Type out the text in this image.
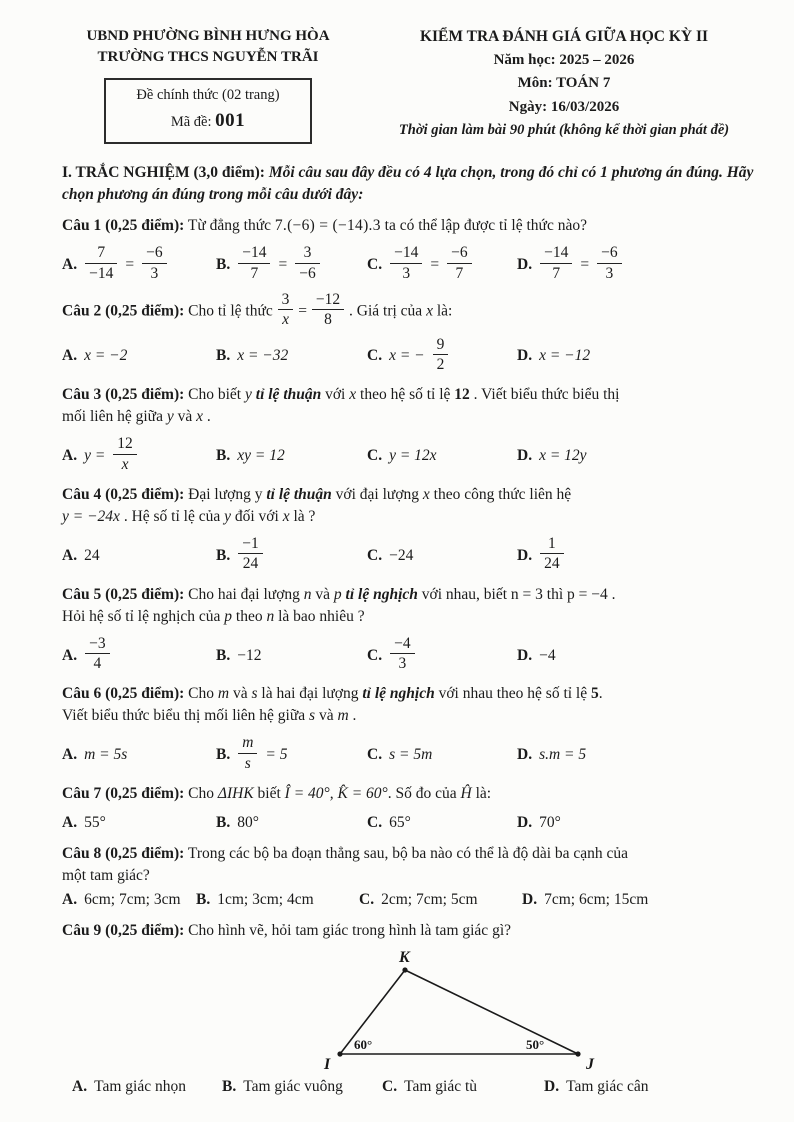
UBND PHƯỜNG BÌNH HƯNG HÒA
TRƯỜNG THCS NGUYỄN TRÃI
Đề chính thức (02 trang)
Mã đề: 001
KIỂM TRA ĐÁNH GIÁ GIỮA HỌC KỲ II
Năm học: 2025 – 2026
Môn: TOÁN 7
Ngày: 16/03/2026
Thời gian làm bài 90 phút (không kể thời gian phát đề)
I. TRẮC NGHIỆM (3,0 điểm): Mỗi câu sau đây đều có 4 lựa chọn, trong đó chỉ có 1 phương án đúng. Hãy chọn phương án đúng trong mỗi câu dưới đây:

Câu 1 (0,25 điểm): Từ đẳng thức 7.(−6) = (−14).3 ta có thể lập được tỉ lệ thức nào?

A. $\frac{7}{-14} = \frac{-6}{3}$	B. $\frac{-14}{7} = \frac{3}{-6}$	C. $\frac{-14}{3} = \frac{-6}{7}$	D. $\frac{-14}{7} = \frac{-6}{3}$

Câu 2 (0,25 điểm): Cho tỉ lệ thức $\frac{3}{x} = \frac{-12}{8}$ . Giá trị của x là:

A. x = −2	B. x = −32	C. x = − $\frac{9}{2}$	D. x = −12

Câu 3 (0,25 điểm): Cho biết y tỉ lệ thuận với x theo hệ số tỉ lệ 12 . Viết biểu thức biểu thị
mối liên hệ giữa y và x .

A. $y = \frac{12}{x}$	B. xy = 12	C. y = 12x	D. x = 12y

Câu 4 (0,25 điểm): Đại lượng y tỉ lệ thuận với đại lượng x theo công thức liên hệ
y = −24x . Hệ số tỉ lệ của y đối với x là ?

A. 24	B. $\frac{-1}{24}$	C. −24	D. $\frac{1}{24}$

Câu 5 (0,25 điểm): Cho hai đại lượng n và p tỉ lệ nghịch với nhau, biết n = 3 thì p = −4 .
Hỏi hệ số tỉ lệ nghịch của p theo n là bao nhiêu ?

A. $\frac{-3}{4}$	B. −12	C. $\frac{-4}{3}$	D. −4

Câu 6 (0,25 điểm): Cho m và s là hai đại lượng tỉ lệ nghịch với nhau theo hệ số tỉ lệ 5.
Viết biểu thức biểu thị mối liên hệ giữa s và m .

A. m = 5s	B. $\frac{m}{s} = 5$	C. s = 5m	D. s.m = 5

Câu 7 (0,25 điểm): Cho ΔIHK biết Î = 40°, K̂ = 60°. Số đo của Ĥ là:

A. 55°	B. 80°	C. 65°	D. 70°

Câu 8 (0,25 điểm): Trong các bộ ba đoạn thẳng sau, bộ ba nào có thể là độ dài ba cạnh của
một tam giác?

A. 6cm; 7cm; 3cm B. 1cm; 3cm; 4cm	C. 2cm; 7cm; 5cm	D. 7cm; 6cm; 15cm

Câu 9 (0,25 điểm): Cho hình vẽ, hỏi tam giác trong hình là tam giác gì?

K
I	J
60°	50°
A. Tam giác nhọn B. Tam giác vuông	C. Tam giác tù	D. Tam giác cân
